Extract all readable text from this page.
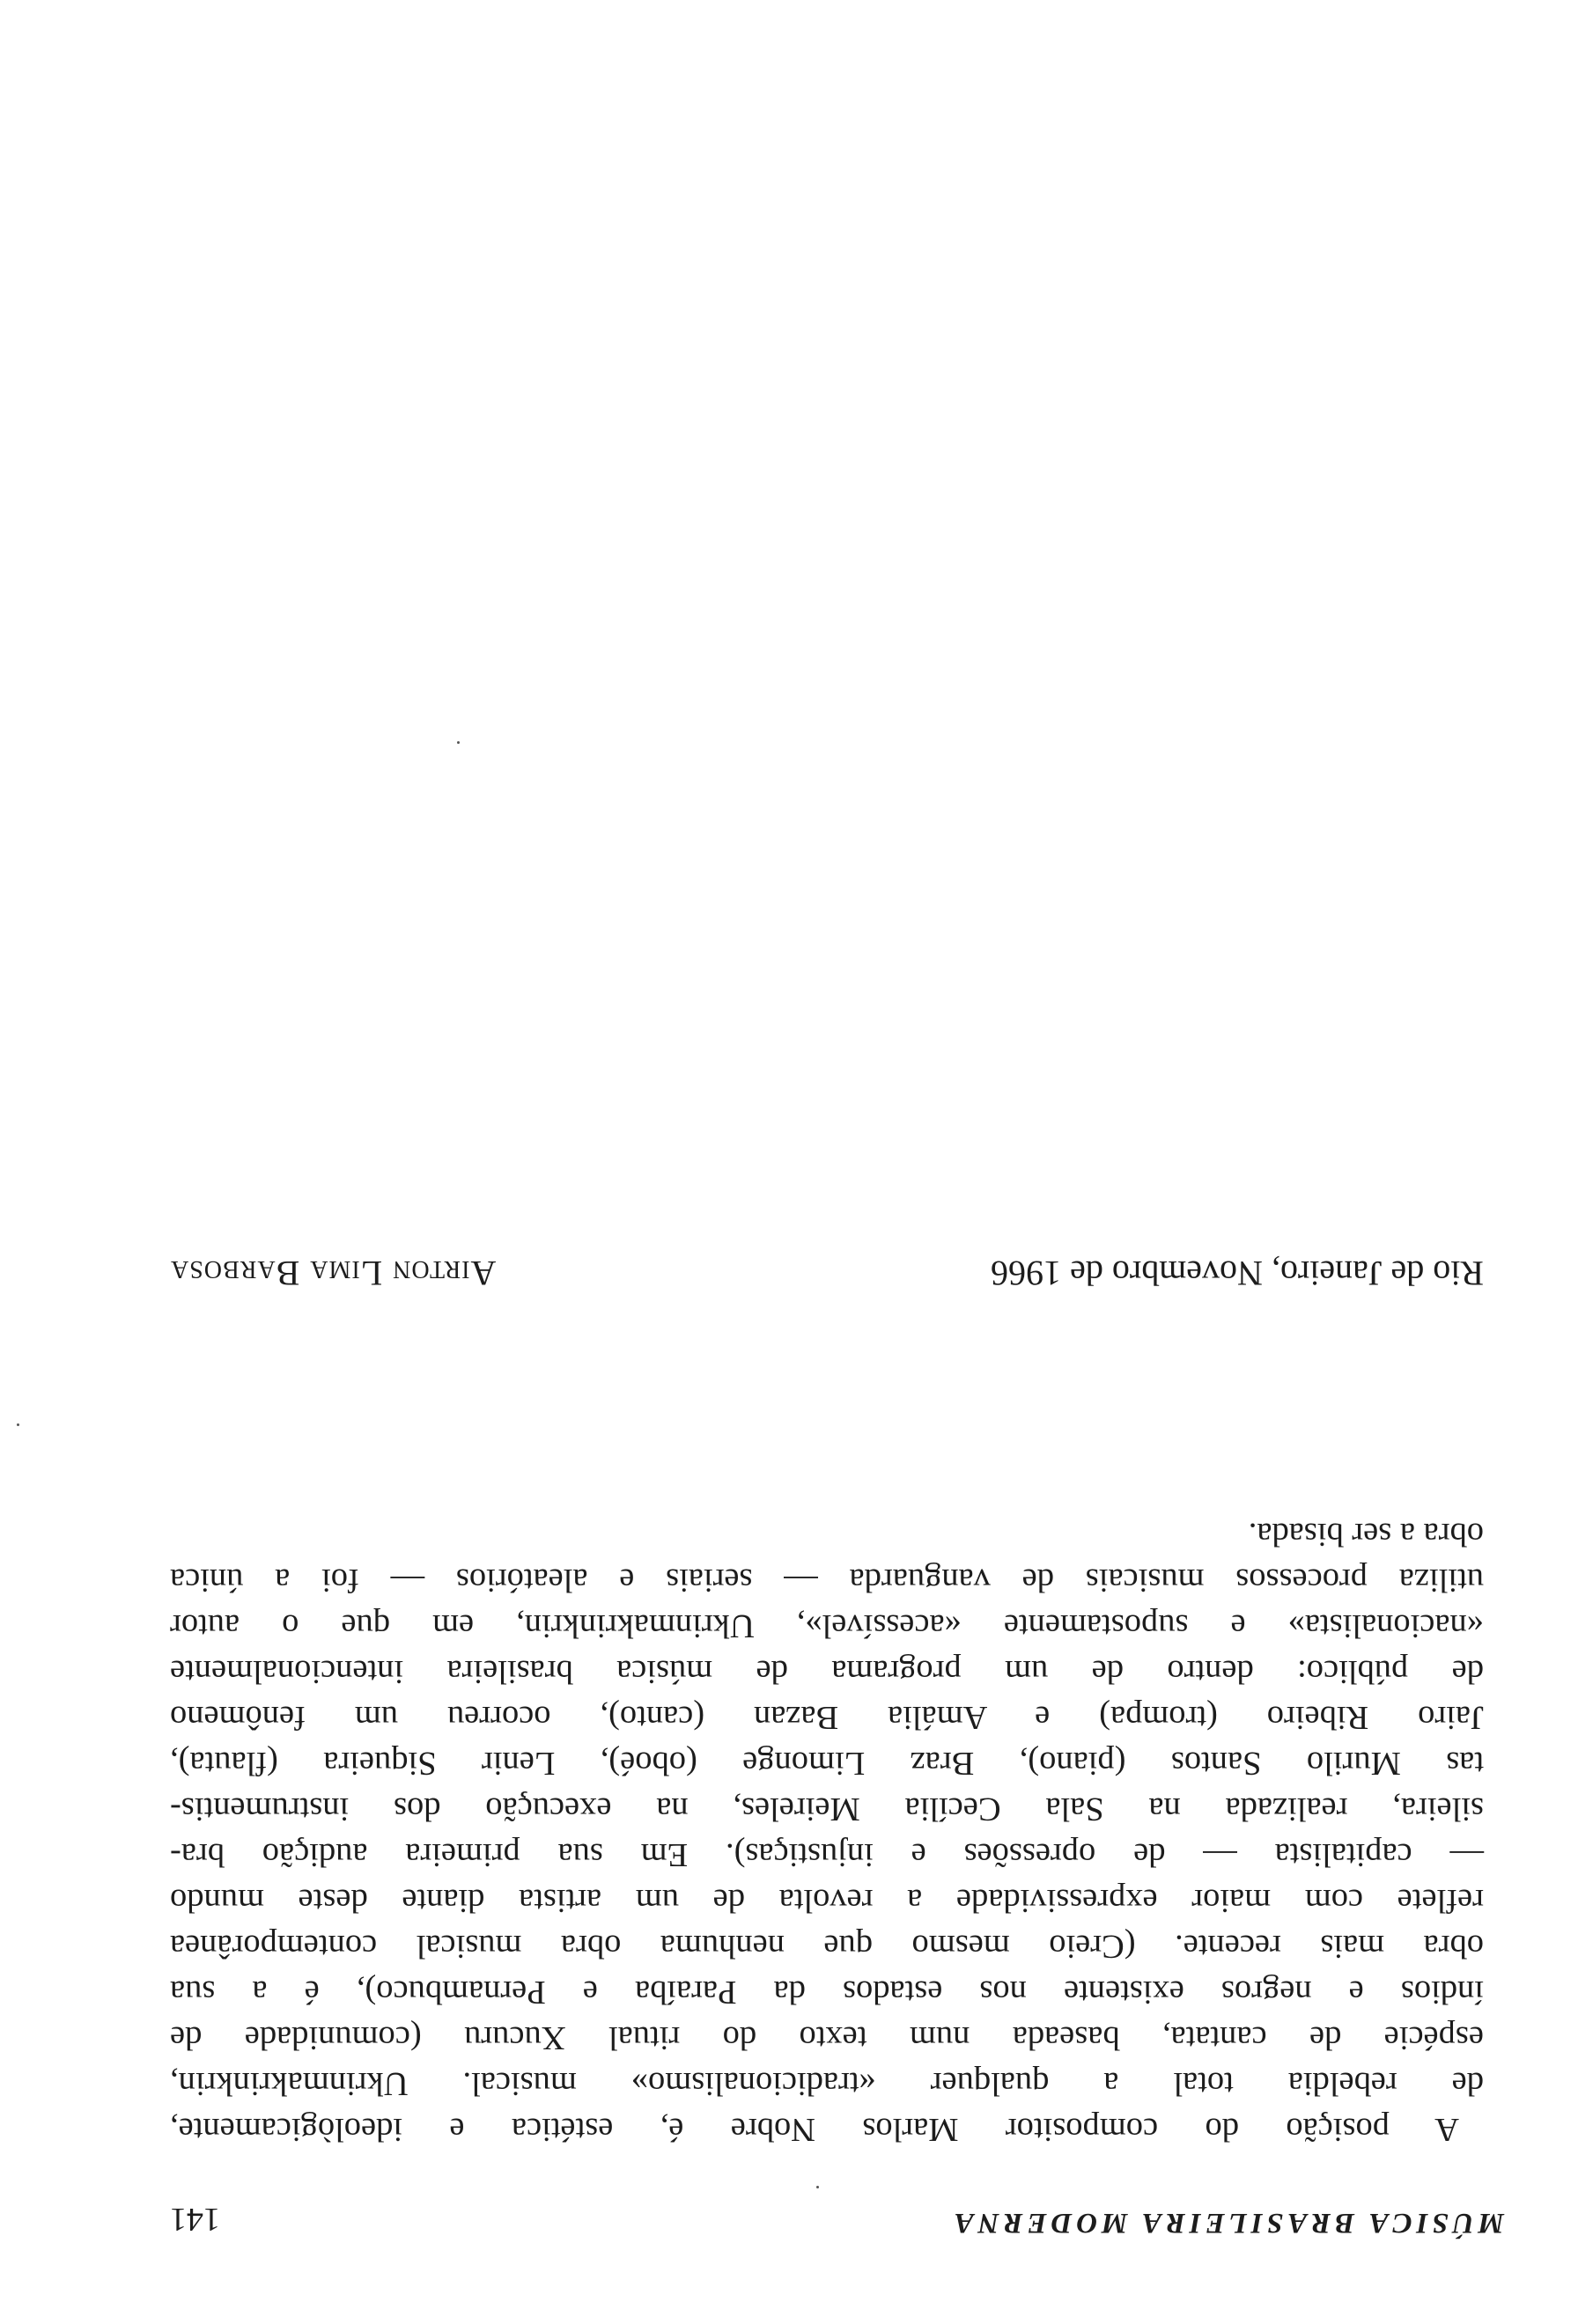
MÚSICA BRASILEIRA MODERNA
141
A posição do compositor Marlos Nobre é, estética e ideològicamente,
de rebeldia total a qualquer «tradicionalismo» musical. Ukrinmakrinkrin,
espécie de cantata, baseada num texto do ritual Xucuru (comunidade de
índios e negros existente nos estados da Paraíba e Pernambuco), é a sua
obra mais recente. (Creio mesmo que nenhuma obra musical contemporânea
reflete com maior expressividade a revolta de um artista diante deste mundo
— capitalista — de opressões e injustiças). Em sua primeira audição bra-
sileira, realizada na Sala Cecília Meireles, na execução dos instrumentis-
tas Murilo Santos (piano), Braz Limonge (oboé), Lenir Siqueira (flauta),
Jairo Ribeiro (trompa) e Amália Bazan (canto), ocorreu um fenômeno
de público: dentro de um programa de música brasileira intencionalmente
«nacionalista» e supostamente «acessível», Ukrinmakrinkrin, em que o autor
utiliza processos musicais de vanguarda — seriais e aleatórios — foi a única
obra a ser bisada.
Rio de Janeiro, Novembro de 1966
Airton Lima Barbosa
